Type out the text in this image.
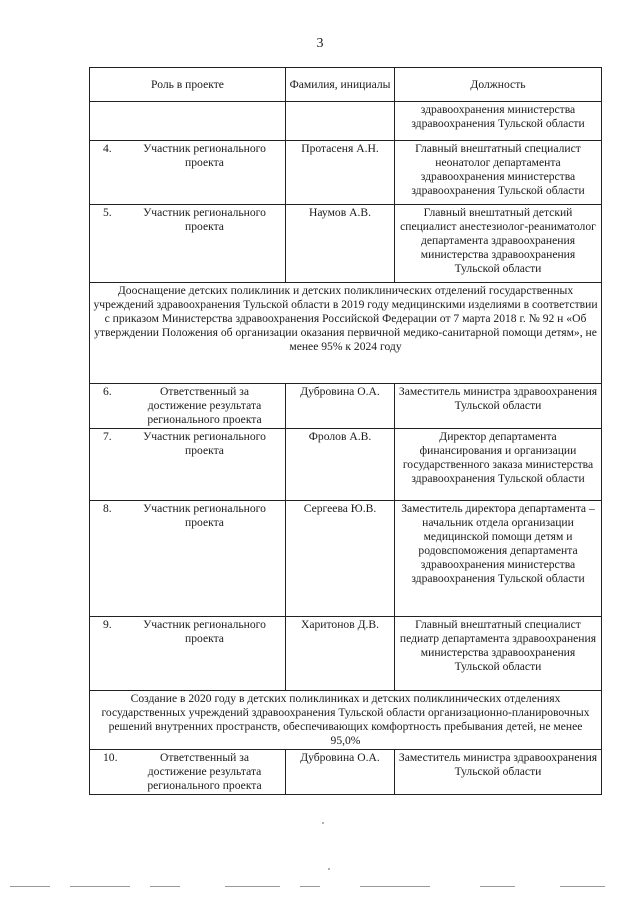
3
Роль в проекте	Фамилия, инициалы	Должность
		здравоохранения министерства здравоохранения Тульской области

4. Участник регионального проекта	Протасеня А.Н.	Главный внештатный специалист неонатолог департамента здравоохранения министерства здравоохранения Тульской области

5. Участник регионального проекта	Наумов А.В.	Главный внештатный детский специалист анестезиолог-реаниматолог департамента здравоохранения министерства здравоохранения Тульской области
Дооснащение детских поликлиник и детских поликлинических отделений государственных учреждений здравоохранения Тульской области в 2019 году медицинскими изделиями в соответствии с приказом Министерства здравоохранения Российской Федерации от 7 марта 2018 г. № 92 н «Об утверждении Положения об организации оказания первичной медико-санитарной помощи детям», не менее 95% к 2024 году		

6. Ответственный за достижение результата регионального проекта	Дубровина О.А.	Заместитель министра здравоохранения Тульской области

7. Участник регионального проекта	Фролов А.В.	Директор департамента финансирования и организации государственного заказа министерства здравоохранения Тульской области

8. Участник регионального проекта	Сергеева Ю.В.	Заместитель директора департамента – начальник отдела организации медицинской помощи детям и родовспоможения департамента здравоохранения министерства здравоохранения Тульской области

9. Участник регионального проекта	Харитонов Д.В.	Главный внештатный специалист педиатр департамента здравоохранения министерства здравоохранения Тульской области
Создание в 2020 году в детских поликлиниках и детских поликлинических отделениях государственных учреждений здравоохранения Тульской области организационно-планировочных решений внутренних пространств, обеспечивающих комфортность пребывания детей, не менее 95,0%		

10. Ответственный за достижение результата регионального проекта	Дубровина О.А.	Заместитель министра здравоохранения Тульской области
